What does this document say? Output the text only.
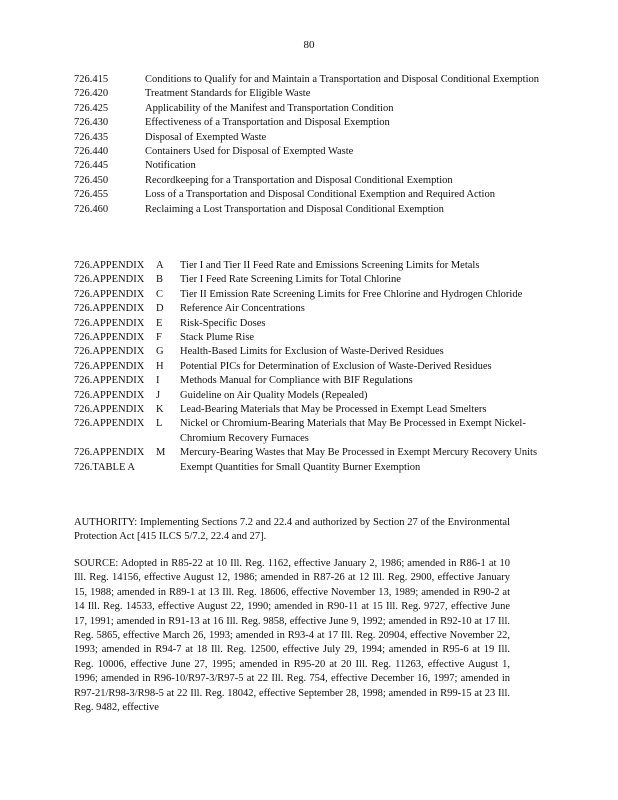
80
726.415	Conditions to Qualify for and Maintain a Transportation and Disposal Conditional Exemption
726.420	Treatment Standards for Eligible Waste
726.425	Applicability of the Manifest and Transportation Condition
726.430	Effectiveness of a Transportation and Disposal Exemption
726.435	Disposal of Exempted Waste
726.440	Containers Used for Disposal of Exempted Waste
726.445	Notification
726.450	Recordkeeping for a Transportation and Disposal Conditional Exemption
726.455	Loss of a Transportation and Disposal Conditional Exemption and Required Action
726.460	Reclaiming a Lost Transportation and Disposal Conditional Exemption
726.APPENDIX	A	Tier I and Tier II Feed Rate and Emissions Screening Limits for Metals
726.APPENDIX	B	Tier I Feed Rate Screening Limits for Total Chlorine
726.APPENDIX	C	Tier II Emission Rate Screening Limits for Free Chlorine and Hydrogen Chloride
726.APPENDIX	D	Reference Air Concentrations
726.APPENDIX	E	Risk-Specific Doses
726.APPENDIX	F	Stack Plume Rise
726.APPENDIX	G	Health-Based Limits for Exclusion of Waste-Derived Residues
726.APPENDIX	H	Potential PICs for Determination of Exclusion of Waste-Derived Residues
726.APPENDIX	I	Methods Manual for Compliance with BIF Regulations
726.APPENDIX	J	Guideline on Air Quality Models (Repealed)
726.APPENDIX	K	Lead-Bearing Materials that May be Processed in Exempt Lead Smelters
726.APPENDIX	L	Nickel or Chromium-Bearing Materials that May Be Processed in Exempt Nickel-Chromium Recovery Furnaces
726.APPENDIX	M	Mercury-Bearing Wastes that May Be Processed in Exempt Mercury Recovery Units
726.TABLE A	Exempt Quantities for Small Quantity Burner Exemption
AUTHORITY: Implementing Sections 7.2 and 22.4 and authorized by Section 27 of the Environmental Protection Act [415 ILCS 5/7.2, 22.4 and 27].
SOURCE: Adopted in R85-22 at 10 Ill. Reg. 1162, effective January 2, 1986; amended in R86-1 at 10 Ill. Reg. 14156, effective August 12, 1986; amended in R87-26 at 12 Ill. Reg. 2900, effective January 15, 1988; amended in R89-1 at 13 Ill. Reg. 18606, effective November 13, 1989; amended in R90-2 at 14 Ill. Reg. 14533, effective August 22, 1990; amended in R90-11 at 15 Ill. Reg. 9727, effective June 17, 1991; amended in R91-13 at 16 Ill. Reg. 9858, effective June 9, 1992; amended in R92-10 at 17 Ill. Reg. 5865, effective March 26, 1993; amended in R93-4 at 17 Ill. Reg. 20904, effective November 22, 1993; amended in R94-7 at 18 Ill. Reg. 12500, effective July 29, 1994; amended in R95-6 at 19 Ill. Reg. 10006, effective June 27, 1995; amended in R95-20 at 20 Ill. Reg. 11263, effective August 1, 1996; amended in R96-10/R97-3/R97-5 at 22 Ill. Reg. 754, effective December 16, 1997; amended in R97-21/R98-3/R98-5 at 22 Ill. Reg. 18042, effective September 28, 1998; amended in R99-15 at 23 Ill. Reg. 9482, effective
